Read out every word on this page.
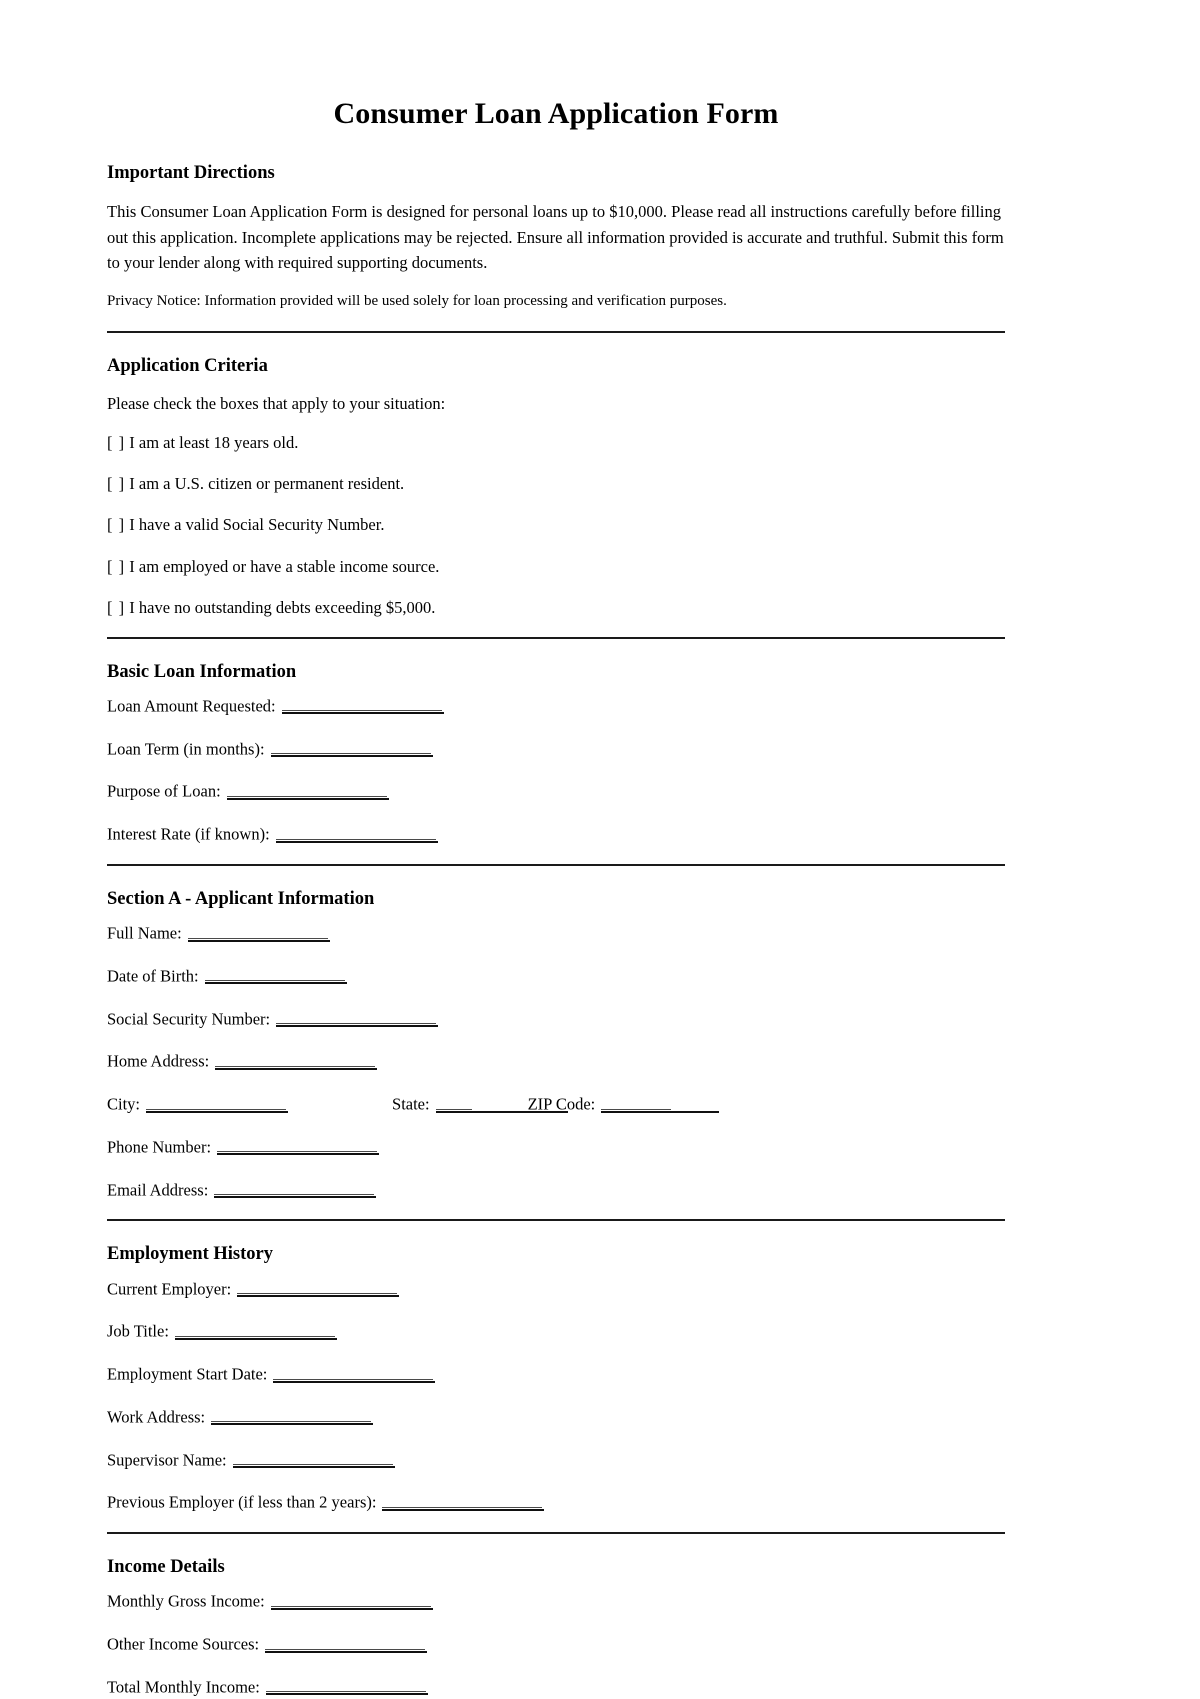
Consumer Loan Application Form
Important Directions

This Consumer Loan Application Form is designed for personal loans up to $10,000. Please read all instructions carefully before filling out this application. Incomplete applications may be rejected. Ensure all information provided is accurate and truthful. Submit this form to your lender along with required supporting documents.

Privacy Notice: Information provided will be used solely for loan processing and verification purposes.

Application Criteria

Please check the boxes that apply to your situation:

[ ] I am at least 18 years old.
[ ] I am a U.S. citizen or permanent resident.
[ ] I have a valid Social Security Number.
[ ] I am employed or have a stable income source.
[ ] I have no outstanding debts exceeding $5,000.
Basic Loan Information
Loan Amount Requested:
Loan Term (in months):
Purpose of Loan:
Interest Rate (if known):
Section A - Applicant Information
Full Name:
Date of Birth:
Social Security Number:
Home Address:
City:	State:	ZIP Code:
Phone Number:
Email Address:
Employment History
Current Employer:
Job Title:
Employment Start Date:
Work Address:
Supervisor Name:
Previous Employer (if less than 2 years):
Income Details
Monthly Gross Income:
Other Income Sources:
Total Monthly Income:
